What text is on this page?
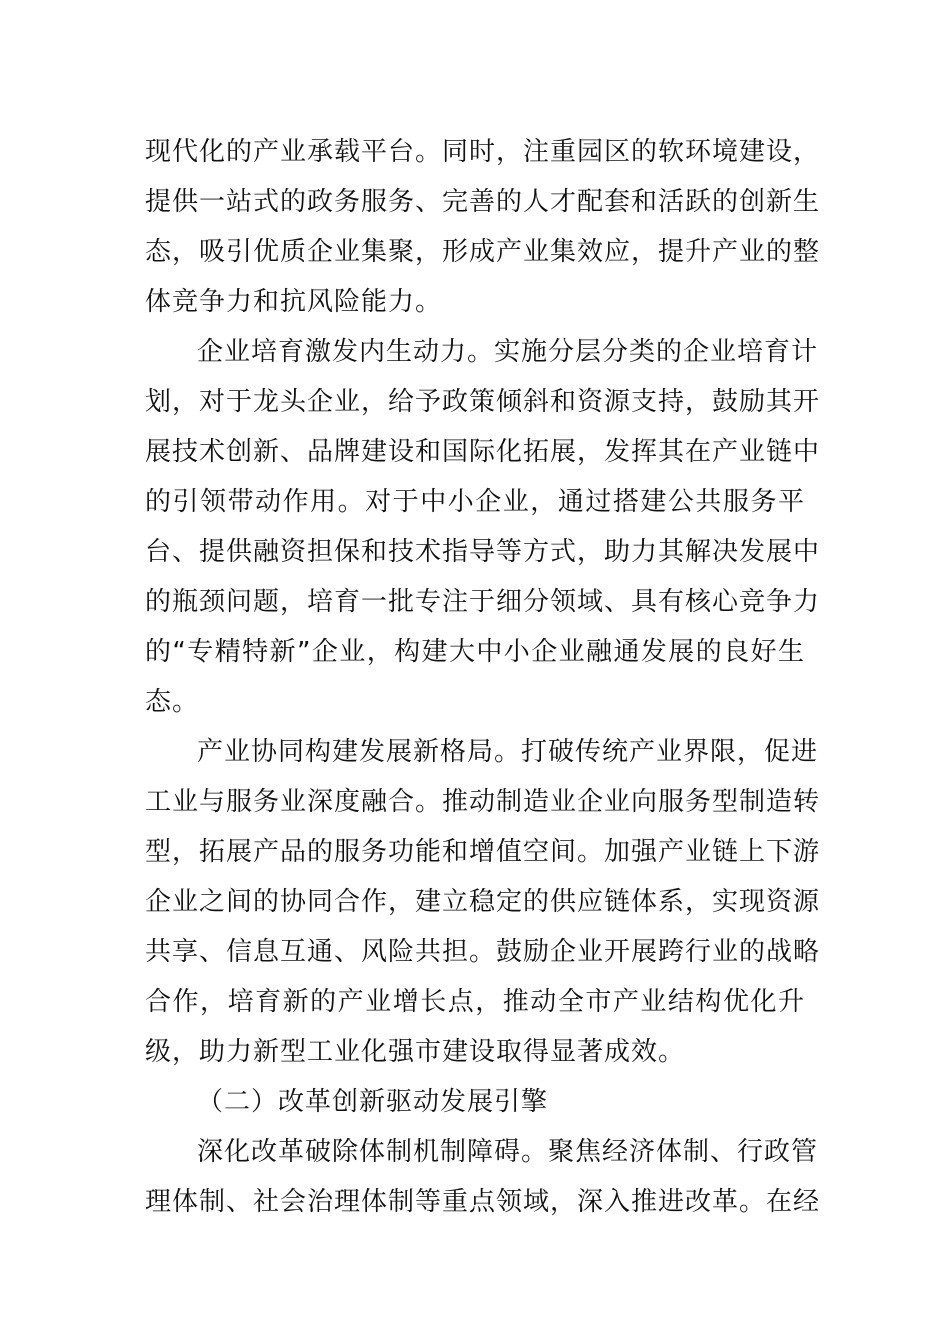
现代化的产业承载平台。同时，注重园区的软环境建设，
提供一站式的政务服务、完善的人才配套和活跃的创新生
态，吸引优质企业集聚，形成产业集效应，提升产业的整
体竞争力和抗风险能力。
企业培育激发内生动力。实施分层分类的企业培育计
划，对于龙头企业，给予政策倾斜和资源支持，鼓励其开
展技术创新、品牌建设和国际化拓展，发挥其在产业链中
的引领带动作用。对于中小企业，通过搭建公共服务平
台、提供融资担保和技术指导等方式，助力其解决发展中
的瓶颈问题，培育一批专注于细分领域、具有核心竞争力
的“专精特新”企业，构建大中小企业融通发展的良好生
态。
产业协同构建发展新格局。打破传统产业界限，促进
工业与服务业深度融合。推动制造业企业向服务型制造转
型，拓展产品的服务功能和增值空间。加强产业链上下游
企业之间的协同合作，建立稳定的供应链体系，实现资源
共享、信息互通、风险共担。鼓励企业开展跨行业的战略
合作，培育新的产业增长点，推动全市产业结构优化升
级，助力新型工业化强市建设取得显著成效。
（二）改革创新驱动发展引擎
深化改革破除体制机制障碍。聚焦经济体制、行政管
理体制、社会治理体制等重点领域，深入推进改革。在经
